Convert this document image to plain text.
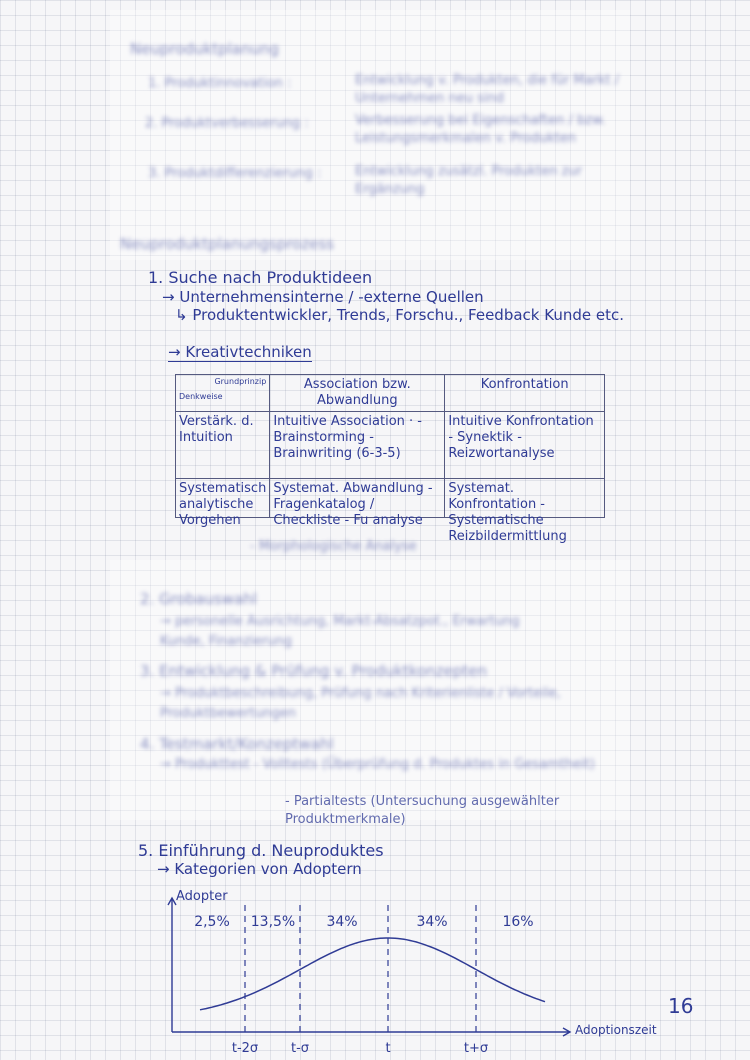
Neuproduktplanung
1. Produktinnovation :	Entwicklung v. Produkten, die für Markt / Unternehmen neu sind
2. Produktverbesserung :	Verbesserung bei Eigenschaften / bzw. Leistungsmerkmalen v. Produkten
3. Produktdifferenzierung :	Entwicklung zusätzl. Produkten zur Ergänzung
Neuproduktplanungsprozess
1. Suche nach Produktideen
→ Unternehmensinterne / -externe Quellen
↳ Produktentwickler, Trends, Forschu., Feedback Kunde etc.
→ Kreativtechniken
Grundprinzip
Denkweise	Association bzw. Abwandlung	Konfrontation
Verstärk. d. Intuition	Intuitive Association · - Brainstorming - Brainwriting (6-3-5)	Intuitive Konfrontation - Synektik - Reizwortanalyse

Systematisch analytische Vorgehen	Systemat. Abwandlung - Fragenkatalog / Checkliste - Fu analyse	Systemat. Konfrontation - Systematische Reizbildermittlung
- Morphologische Analyse
2. Grobauswahl
→ personelle Ausrichtung, Markt-Absatzpot., Erwartung Kunde, Finanzierung
3. Entwicklung & Prüfung v. Produktkonzepten
→ Produktbeschreibung, Prüfung nach Kriterienliste / Vorteile, Produktbewertungen
4. Testmarkt/Konzeptwahl
→ Produkttest - Volltests (Überprüfung d. Produktes in Gesamtheit)
- Partialtests (Untersuchung ausgewählter Produktmerkmale)
5. Einführung d. Neuproduktes
→ Kategorien von Adoptern
Adopter
Adoptionszeit
t-2σ	t-σ	t	t+σ
2,5% 13,5% 34%	34%	16%
16
